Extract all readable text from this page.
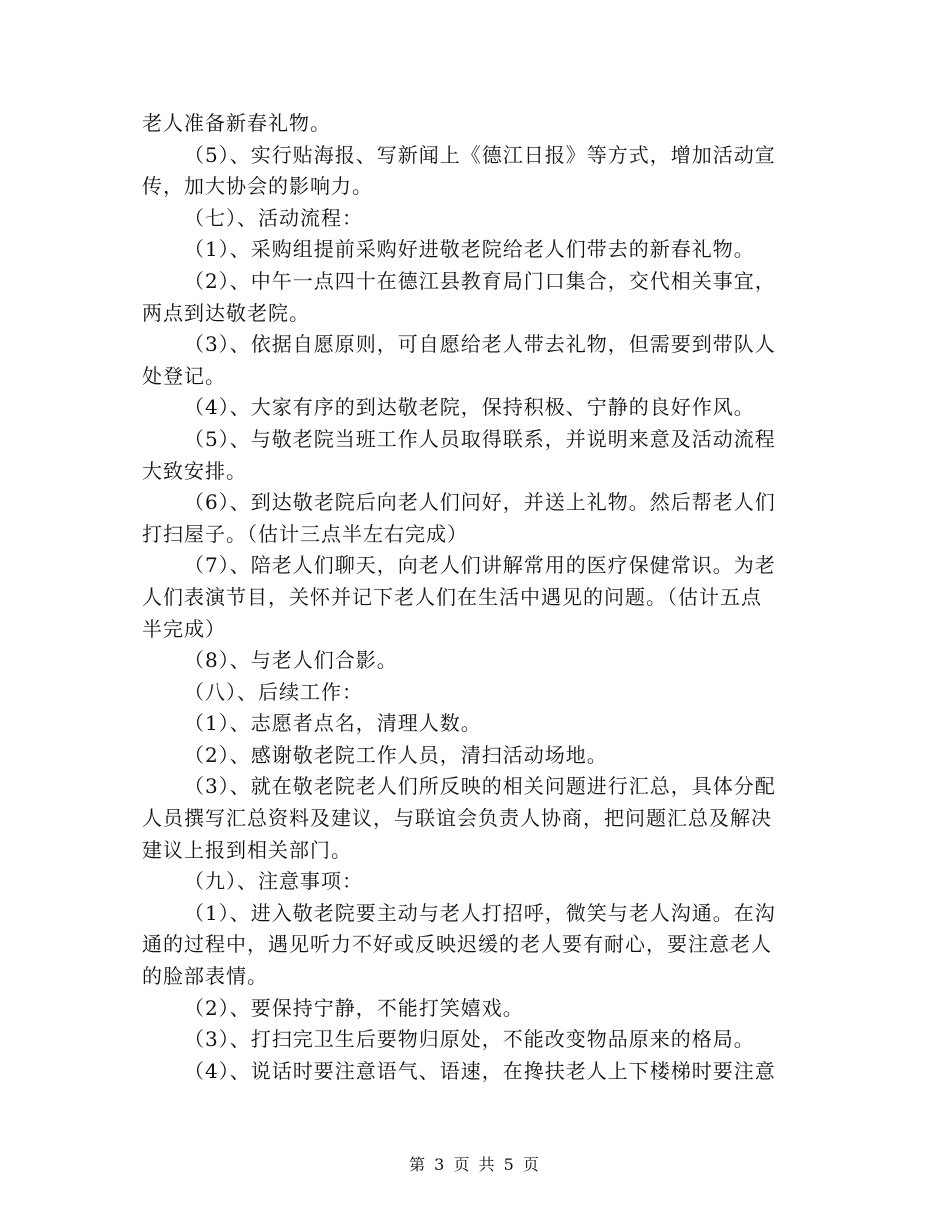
老人准备新春礼物。
（5）、实行贴海报、写新闻上《德江日报》等方式，增加活动宣
传，加大协会的影响力。
（七）、活动流程：
（1）、采购组提前采购好进敬老院给老人们带去的新春礼物。
（2）、中午一点四十在德江县教育局门口集合，交代相关事宜，
两点到达敬老院。
（3）、依据自愿原则，可自愿给老人带去礼物，但需要到带队人
处登记。
（4）、大家有序的到达敬老院，保持积极、宁静的良好作风。
（5）、与敬老院当班工作人员取得联系，并说明来意及活动流程
大致安排。
（6）、到达敬老院后向老人们问好，并送上礼物。然后帮老人们
打扫屋子。（估计三点半左右完成）
（7）、陪老人们聊天，向老人们讲解常用的医疗保健常识。为老
人们表演节目，关怀并记下老人们在生活中遇见的问题。（估计五点
半完成）
（8）、与老人们合影。
（八）、后续工作：
（1）、志愿者点名，清理人数。
（2）、感谢敬老院工作人员，清扫活动场地。
（3）、就在敬老院老人们所反映的相关问题进行汇总，具体分配
人员撰写汇总资料及建议，与联谊会负责人协商，把问题汇总及解决
建议上报到相关部门。
（九）、注意事项：
（1）、进入敬老院要主动与老人打招呼，微笑与老人沟通。在沟
通的过程中，遇见听力不好或反映迟缓的老人要有耐心，要注意老人
的脸部表情。
（2）、要保持宁静，不能打笑嬉戏。
（3）、打扫完卫生后要物归原处，不能改变物品原来的格局。
（4）、说话时要注意语气、语速，在搀扶老人上下楼梯时要注意
第 3 页 共 5 页
